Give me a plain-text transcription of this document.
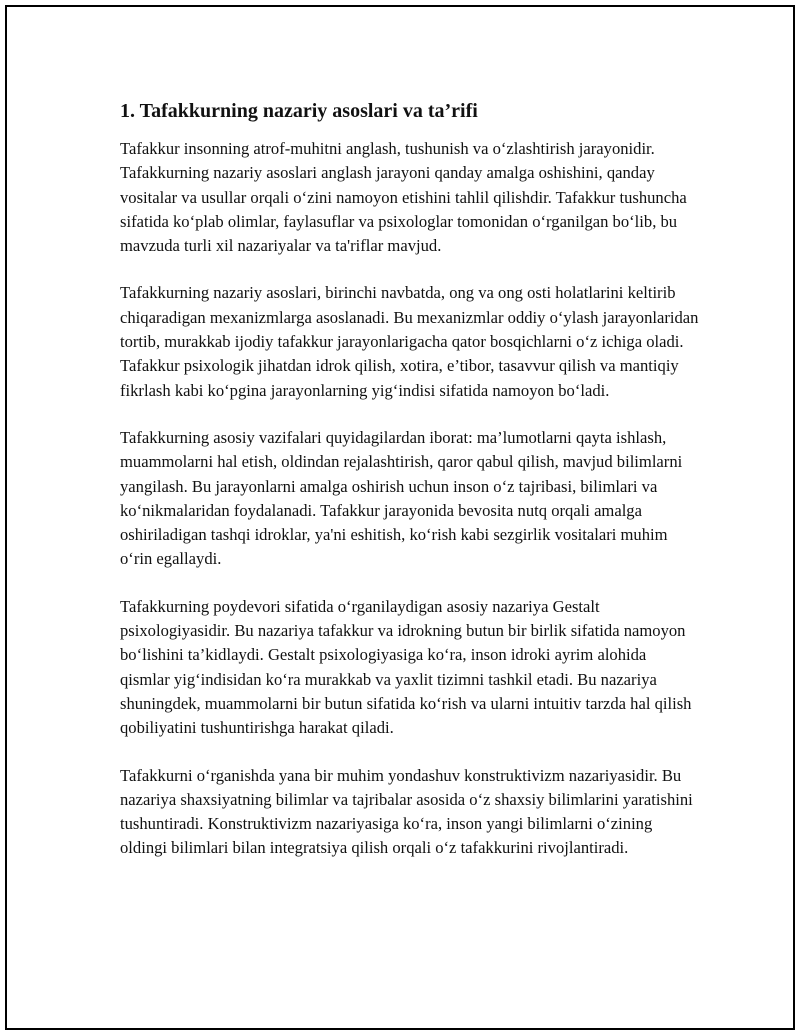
1. Tafakkurning nazariy asoslari va ta’rifi

Tafakkur insonning atrof-muhitni anglash, tushunish va oʻzlashtirish jarayonidir. Tafakkurning nazariy asoslari anglash jarayoni qanday amalga oshishini, qanday vositalar va usullar orqali oʻzini namoyon etishini tahlil qilishdir. Tafakkur tushuncha sifatida koʻplab olimlar, faylasuflar va psixologlar tomonidan oʻrganilgan boʻlib, bu mavzuda turli xil nazariyalar va ta'riflar mavjud.

Tafakkurning nazariy asoslari, birinchi navbatda, ong va ong osti holatlarini keltirib chiqaradigan mexanizmlarga asoslanadi. Bu mexanizmlar oddiy oʻylash jarayonlaridan tortib, murakkab ijodiy tafakkur jarayonlarigacha qator bosqichlarni oʻz ichiga oladi. Tafakkur psixologik jihatdan idrok qilish, xotira, e’tibor, tasavvur qilish va mantiqiy fikrlash kabi koʻpgina jarayonlarning yigʻindisi sifatida namoyon boʻladi.

Tafakkurning asosiy vazifalari quyidagilardan iborat: ma’lumotlarni qayta ishlash, muammolarni hal etish, oldindan rejalashtirish, qaror qabul qilish, mavjud bilimlarni yangilash. Bu jarayonlarni amalga oshirish uchun inson oʻz tajribasi, bilimlari va koʻnikmalaridan foydalanadi. Tafakkur jarayonida bevosita nutq orqali amalga oshiriladigan tashqi idroklar, ya'ni eshitish, koʻrish kabi sezgirlik vositalari muhim oʻrin egallaydi.

Tafakkurning poydevori sifatida oʻrganilaydigan asosiy nazariya Gestalt psixologiyasidir. Bu nazariya tafakkur va idrokning butun bir birlik sifatida namoyon boʻlishini ta’kidlaydi. Gestalt psixologiyasiga koʻra, inson idroki ayrim alohida qismlar yigʻindisidan koʻra murakkab va yaxlit tizimni tashkil etadi. Bu nazariya shuningdek, muammolarni bir butun sifatida koʻrish va ularni intuitiv tarzda hal qilish qobiliyatini tushuntirishga harakat qiladi.

Tafakkurni oʻrganishda yana bir muhim yondashuv konstruktivizm nazariyasidir. Bu nazariya shaxsiyatning bilimlar va tajribalar asosida oʻz shaxsiy bilimlarini yaratishini tushuntiradi. Konstruktivizm nazariyasiga koʻra, inson yangi bilimlarni oʻzining oldingi bilimlari bilan integratsiya qilish orqali oʻz tafakkurini rivojlantiradi.
